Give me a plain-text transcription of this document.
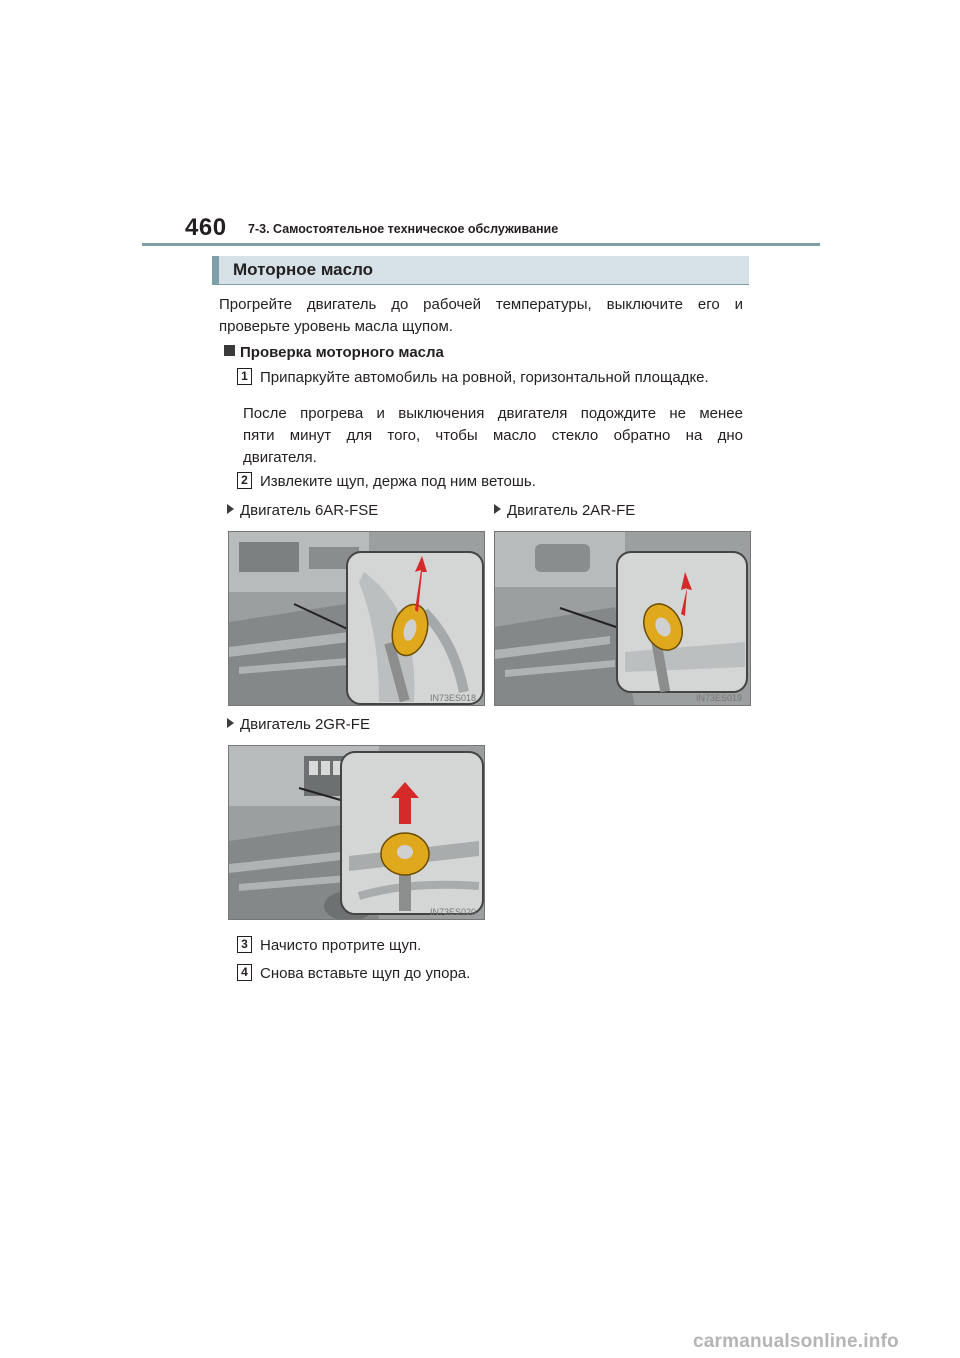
460 7-3. Самостоятельное техническое обслуживание
Моторное масло
Прогрейте двигатель до рабочей температуры, выключите его и
проверьте уровень масла щупом.
Проверка моторного масла
1 Припаркуйте автомобиль на ровной, горизонтальной площадке.
После прогрева и выключения двигателя подождите не менее
пяти минут для того, чтобы масло стекло обратно на дно
двигателя.
2 Извлеките щуп, держа под ним ветошь.
Двигатель 6AR-FSE	Двигатель 2AR-FE
IN73ES018	IN73ES019
Двигатель 2GR-FE
IN73ES020
3 Начисто протрите щуп.
4 Снова вставьте щуп до упора.
carmanualsonline.info
